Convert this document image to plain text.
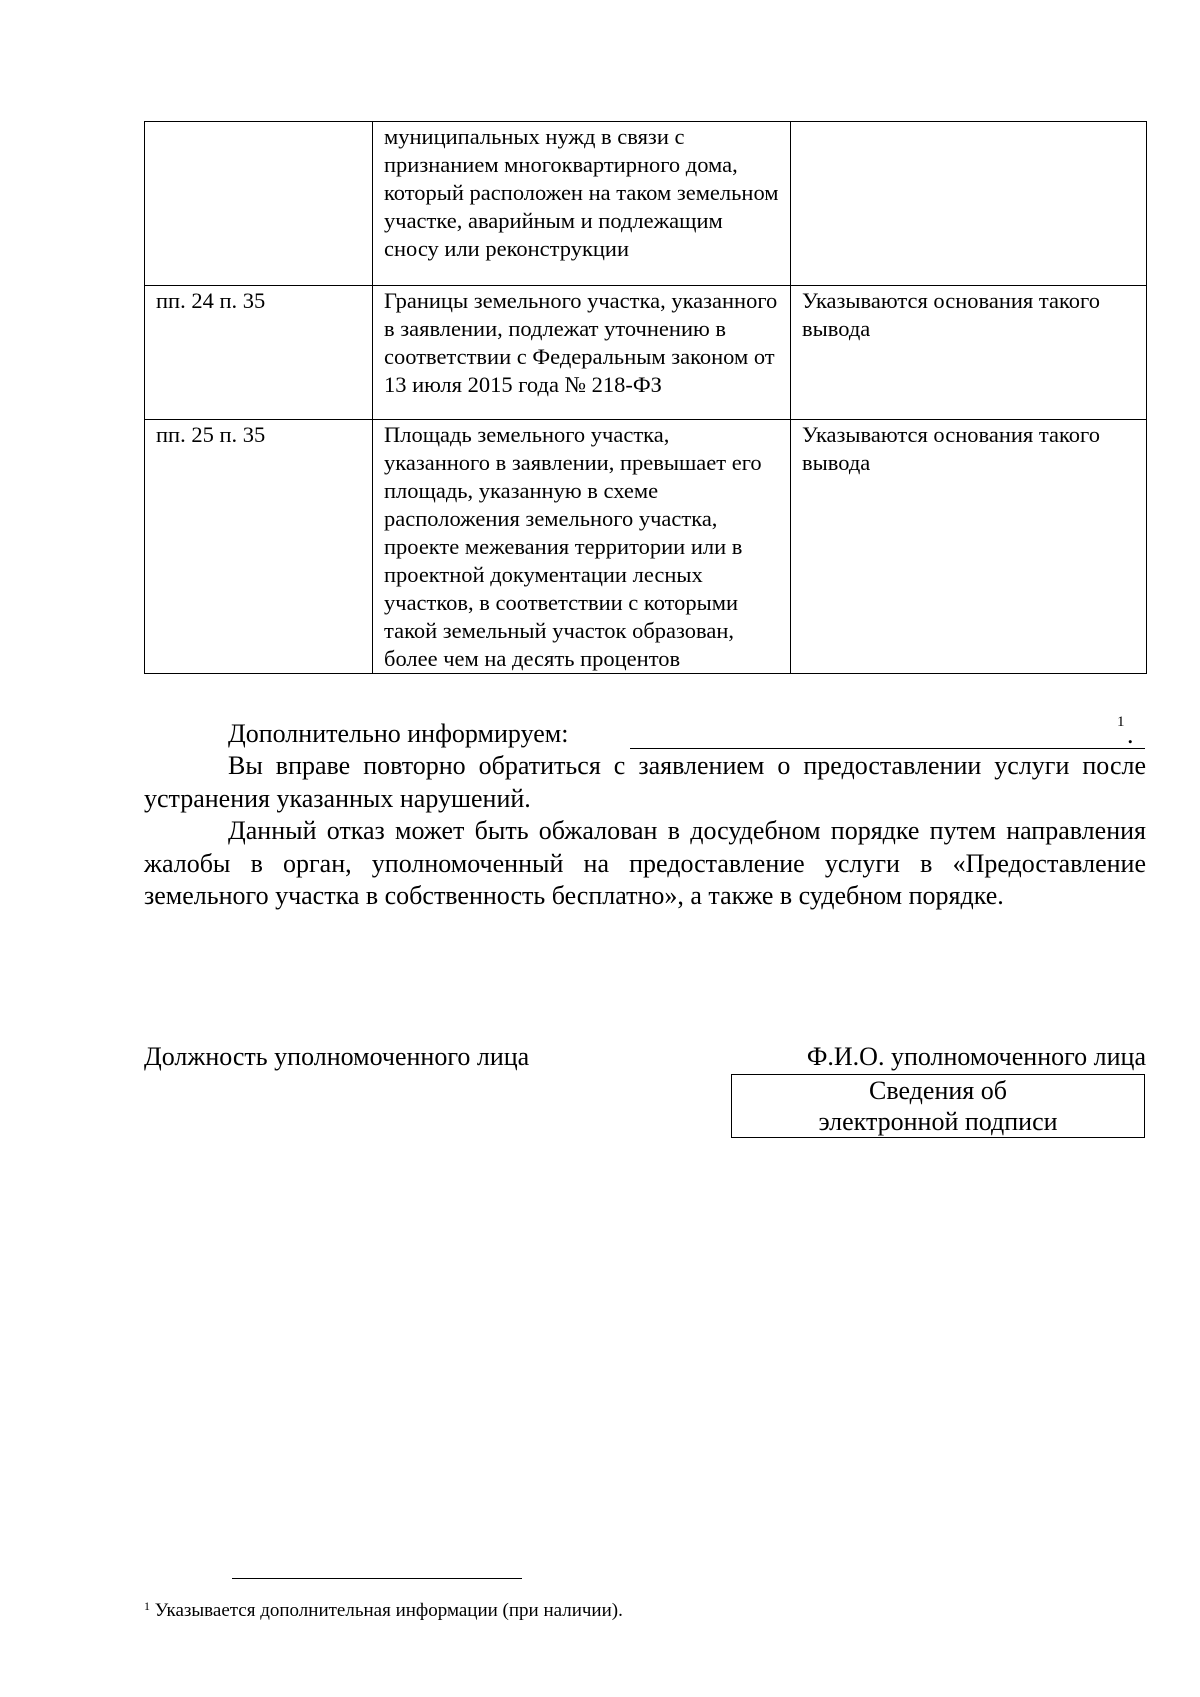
	муниципальных нужд в связи с признанием многоквартирного дома, который расположен на таком земельном участке, аварийным и подлежащим сносу или реконструкции	
пп. 24 п. 35	Границы земельного участка, указанного в заявлении, подлежат уточнению в соответствии с Федеральным законом от 13 июля 2015 года № 218-ФЗ	Указываются основания такого вывода
пп. 25 п. 35	Площадь земельного участка, указанного в заявлении, превышает его площадь, указанную в схеме расположения земельного участка, проекте межевания территории или в проектной документации лесных участков, в соответствии с которыми такой земельный участок образован, более чем на десять процентов	Указываются основания такого вывода
Дополнительно информируем:	1 .
Вы вправе повторно обратиться с заявлением о предоставлении услуги после устранения указанных нарушений.
Данный отказ может быть обжалован в досудебном порядке путем направления жалобы в орган, уполномоченный на предоставление услуги в «Предоставление земельного участка в собственность бесплатно», а также в судебном порядке.
Должность уполномоченного лица	Ф.И.О. уполномоченного лица
Сведения об
электронной подписи
$^1$ Указывается дополнительная информации (при наличии).
